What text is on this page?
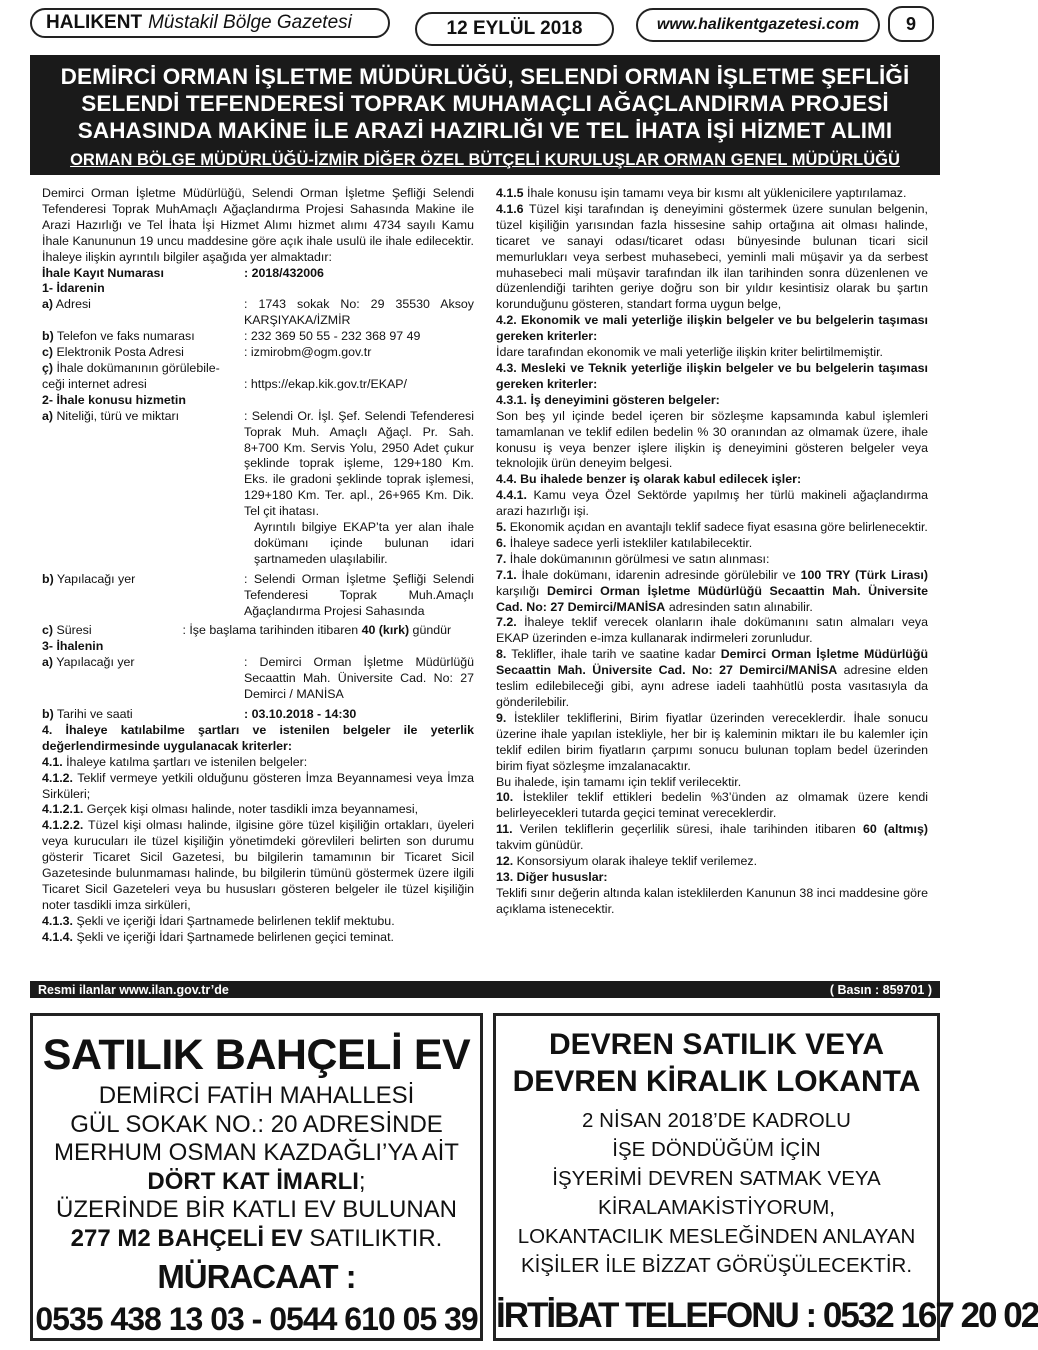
HALIKENT Müstakil Bölge Gazetesi	12 EYLÜL 2018	www.halikentgazetesi.com	9
DEMİRCİ ORMAN İŞLETME MÜDÜRLÜĞÜ, SELENDİ ORMAN İŞLETME ŞEFLİĞİ
SELENDİ TEFENDERESİ TOPRAK MUHAMAÇLI AĞAÇLANDIRMA PROJESİ
SAHASINDA MAKİNE İLE ARAZİ HAZIRLIĞI VE TEL İHATA İŞİ HİZMET ALIMI
ORMAN BÖLGE MÜDÜRLÜĞÜ-İZMİR DİĞER ÖZEL BÜTÇELİ KURULUŞLAR ORMAN GENEL MÜDÜRLÜĞÜ

Demirci Orman İşletme Müdürlüğü, Selendi Orman İşletme Şefliği Selendi Tefenderesi Toprak MuhAmaçlı Ağaçlandırma Projesi Sahasında Makine ile Arazi Hazırlığı ve Tel İhata İşi Hizmet Alımı hizmet alımı 4734 sayılı Kamu İhale Kanununun 19 uncu maddesine göre açık ihale usulü ile ihale edilecektir. İhaleye ilişkin ayrıntılı bilgiler aşağıda yer almaktadır:

İhale Kayıt Numarası	: 2018/432006
1- İdarenin
a) Adresi	: 1743 sokak No: 29 35530 Aksoy KARŞIYAKA/İZMİR
b) Telefon ve faks numarası	: 232 369 50 55 - 232 368 97 49
c) Elektronik Posta Adresi	: izmirobm@ogm.gov.tr
ç) İhale dokümanının görülebile-
ceği internet adresi	: https://ekap.kik.gov.tr/EKAP/
2- İhale konusu hizmetin
a) Niteliği, türü ve miktarı	: Selendi Or. İşl. Şef. Selendi Tefenderesi Toprak Muh. Amaçlı Ağaçl. Pr. Sah. 8+700 Km. Servis Yolu, 2950 Adet çukur şeklinde toprak işleme, 129+180 Km. Eks. ile gradoni şeklinde toprak işlemesi, 129+180 Km. Ter. apl., 26+965 Km. Dik. Tel çit ihatası.
Ayrıntılı bilgiye EKAP’ta yer alan ihale dokümanı içinde bulunan idari şartnameden ulaşılabilir.
b) Yapılacağı yer	: Selendi Orman İşletme Şefliği Selendi Tefenderesi Toprak Muh.Amaçlı Ağaçlandırma Projesi Sahasında
c) Süresi	: İşe başlama tarihinden itibaren 40 (kırk) gündür
3- İhalenin
a) Yapılacağı yer	: Demirci Orman İşletme Müdürlüğü Secaattin Mah. Üniversite Cad. No: 27 Demirci / MANİSA
b) Tarihi ve saati	: 03.10.2018 - 14:30

4. İhaleye katılabilme şartları ve istenilen belgeler ile yeterlik değerlendirmesinde uygulanacak kriterler:

4.1. İhaleye katılma şartları ve istenilen belgeler:

4.1.2. Teklif vermeye yetkili olduğunu gösteren İmza Beyannamesi veya İmza Sirküleri;

4.1.2.1. Gerçek kişi olması halinde, noter tasdikli imza beyannamesi,

4.1.2.2. Tüzel kişi olması halinde, ilgisine göre tüzel kişiliğin ortakları, üyeleri veya kurucuları ile tüzel kişiliğin yönetimdeki görevlileri belirten son durumu gösterir Ticaret Sicil Gazetesi, bu bilgilerin tamamının bir Ticaret Sicil Gazetesinde bulunmaması halinde, bu bilgilerin tümünü göstermek üzere ilgili Ticaret Sicil Gazeteleri veya bu hususları gösteren belgeler ile tüzel kişiliğin noter tasdikli imza sirküleri,

4.1.3. Şekli ve içeriği İdari Şartnamede belirlenen teklif mektubu.

4.1.4. Şekli ve içeriği İdari Şartnamede belirlenen geçici teminat.

4.1.5 İhale konusu işin tamamı veya bir kısmı alt yüklenicilere yaptırılamaz.

4.1.6 Tüzel kişi tarafından iş deneyimini göstermek üzere sunulan belgenin, tüzel kişiliğin yarısından fazla hissesine sahip ortağına ait olması halinde, ticaret ve sanayi odası/ticaret odası bünyesinde bulunan ticari sicil memurlukları veya serbest muhasebeci, yeminli mali müşavir ya da serbest muhasebeci mali müşavir tarafından ilk ilan tarihinden sonra düzenlenen ve düzenlendiği tarihten geriye doğru son bir yıldır kesintisiz olarak bu şartın korunduğunu gösteren, standart forma uygun belge,

4.2. Ekonomik ve mali yeterliğe ilişkin belgeler ve bu belgelerin taşıması gereken kriterler:

İdare tarafından ekonomik ve mali yeterliğe ilişkin kriter belirtilmemiştir.

4.3. Mesleki ve Teknik yeterliğe ilişkin belgeler ve bu belgelerin taşıması gereken kriterler:

4.3.1. İş deneyimini gösteren belgeler:

Son beş yıl içinde bedel içeren bir sözleşme kapsamında kabul işlemleri tamamlanan ve teklif edilen bedelin % 30 oranından az olmamak üzere, ihale konusu iş veya benzer işlere ilişkin iş deneyimini gösteren belgeler veya teknolojik ürün deneyim belgesi.

4.4. Bu ihalede benzer iş olarak kabul edilecek işler:

4.4.1. Kamu veya Özel Sektörde yapılmış her türlü makineli ağaçlandırma arazi hazırlığı işi.

5. Ekonomik açıdan en avantajlı teklif sadece fiyat esasına göre belirlenecektir.

6. İhaleye sadece yerli istekliler katılabilecektir.

7. İhale dokümanının görülmesi ve satın alınması:

7.1. İhale dokümanı, idarenin adresinde görülebilir ve 100 TRY (Türk Lirası) karşılığı Demirci Orman İşletme Müdürlüğü Secaattin Mah. Üniversite Cad. No: 27 Demirci/MANİSA adresinden satın alınabilir.

7.2. İhaleye teklif verecek olanların ihale dokümanını satın almaları veya EKAP üzerinden e-imza kullanarak indirmeleri zorunludur.

8. Teklifler, ihale tarih ve saatine kadar Demirci Orman İşletme Müdürlüğü Secaattin Mah. Üniversite Cad. No: 27 Demirci/MANİSA adresine elden teslim edilebileceği gibi, aynı adrese iadeli taahhütlü posta vasıtasıyla da gönderilebilir.

9. İstekliler tekliflerini, Birim fiyatlar üzerinden vereceklerdir. İhale sonucu üzerine ihale yapılan istekliyle, her bir iş kaleminin miktarı ile bu kalemler için teklif edilen birim fiyatların çarpımı sonucu bulunan toplam bedel üzerinden birim fiyat sözleşme imzalanacaktır.

Bu ihalede, işin tamamı için teklif verilecektir.

10. İstekliler teklif ettikleri bedelin %3’ünden az olmamak üzere kendi belirleyecekleri tutarda geçici teminat vereceklerdir.

11. Verilen tekliflerin geçerlilik süresi, ihale tarihinden itibaren 60 (altmış) takvim günüdür.

12. Konsorsiyum olarak ihaleye teklif verilemez.

13. Diğer hususlar:

Teklifi sınır değerin altında kalan isteklilerden Kanunun 38 inci maddesine göre açıklama istenecektir.

Resmi ilanlar www.ilan.gov.tr’de	( Basın : 859701 )
SATILIK BAHÇELİ EV
DEMİRCİ FATİH MAHALLESİ
GÜL SOKAK NO.: 20 ADRESİNDE
MERHUM OSMAN KAZDAĞLI’YA AİT
DÖRT KAT İMARLI;
ÜZERİNDE BİR KATLI EV BULUNAN
277 M2 BAHÇELİ EV SATILIKTIR.
MÜRACAAT :
0535 438 13 03 - 0544 610 05 39
DEVREN SATILIK VEYA
DEVREN KİRALIK LOKANTA
2 NİSAN 2018’DE KADROLU
İŞE DÖNDÜĞÜM İÇİN
İŞYERİMİ DEVREN SATMAK VEYA
KİRALAMAKİSTİYORUM,
LOKANTACILIK MESLEĞİNDEN ANLAYAN
KİŞİLER İLE BİZZAT GÖRÜŞÜLECEKTİR.
İRTİBAT TELEFONU : 0532 167 20 02
